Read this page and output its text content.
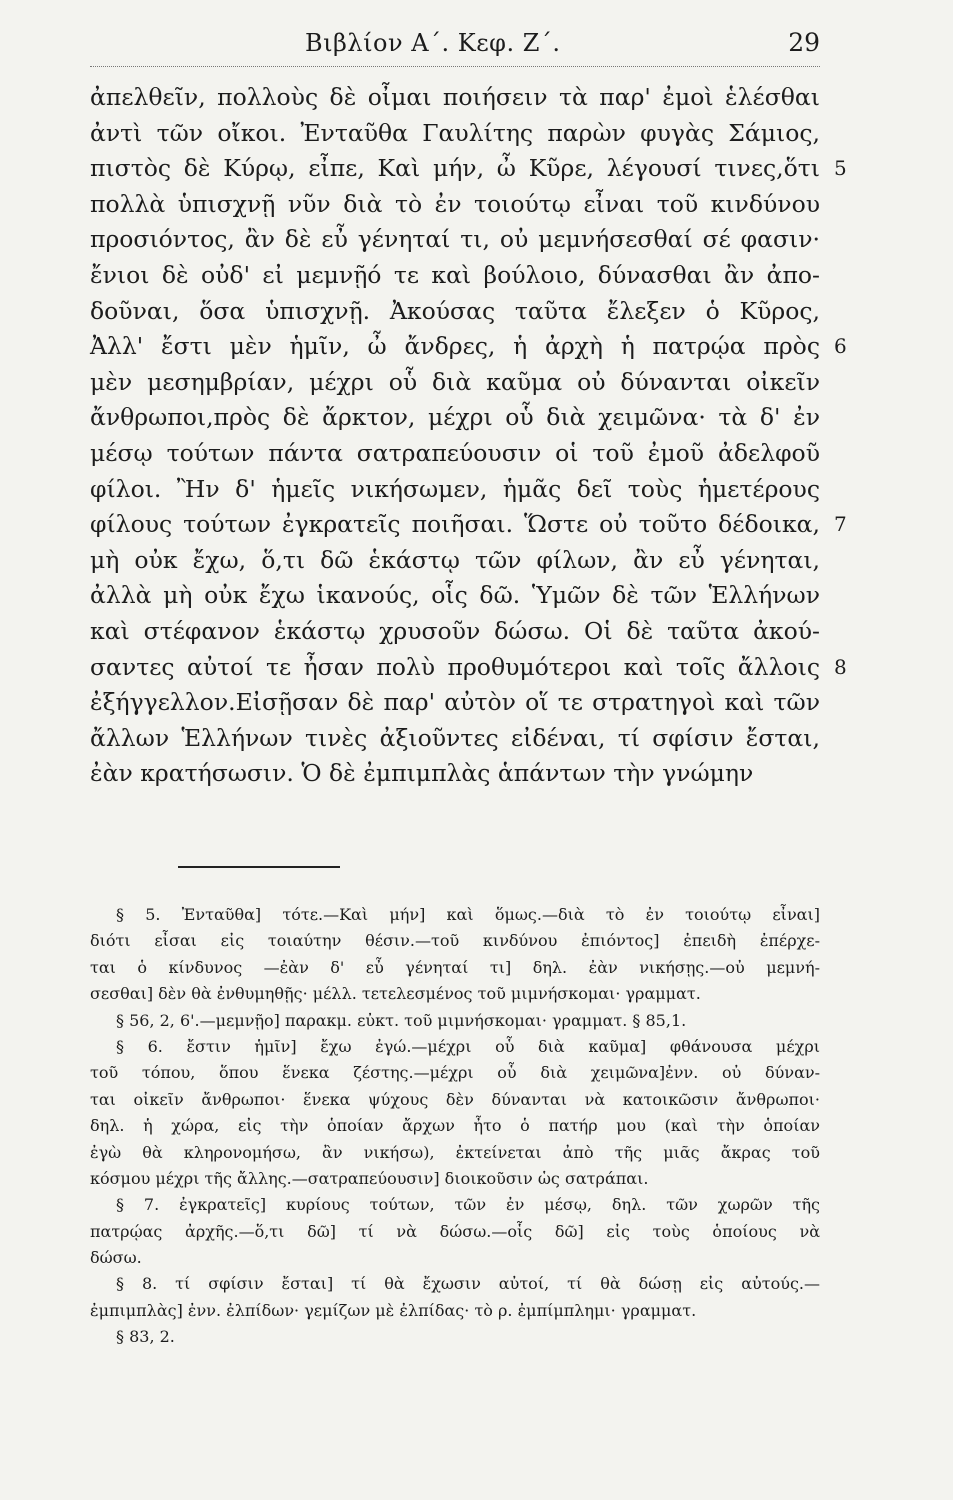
Βιβλίον Α΄. Κεφ. Ζ΄.	29
ἀπελθεῖν, πολλοὺς δὲ οἶμαι ποιήσειν τὰ παρ' ἐμοὶ ἑλέσθαι
ἀντὶ τῶν οἴκοι. Ἐνταῦθα Γαυλίτης παρὼν φυγὰς Σάμιος,
πιστὸς δὲ Κύρῳ, εἶπε, Καὶ μήν, ὦ Κῦρε, λέγουσί τινες,ὅτι
πολλὰ ὑπισχνῇ νῦν διὰ τὸ ἐν τοιούτῳ εἶναι τοῦ κινδύνου
προσιόντος, ἂν δὲ εὖ γένηταί τι, οὐ μεμνήσεσθαί σέ φασιν·
ἔνιοι δὲ οὐδ' εἰ μεμνῇό τε καὶ βούλοιο, δύνασθαι ἂν ἀπο-
δοῦναι, ὅσα ὑπισχνῇ. Ἀκούσας ταῦτα ἔλεξεν ὁ Κῦρος,
Ἀλλ' ἔστι μὲν ἡμῖν, ὦ ἄνδρες, ἡ ἀρχὴ ἡ πατρῴα πρὸς
μὲν μεσημβρίαν, μέχρι οὗ διὰ καῦμα οὐ δύνανται οἰκεῖν
ἄνθρωποι,πρὸς δὲ ἄρκτον, μέχρι οὗ διὰ χειμῶνα· τὰ δ' ἐν
μέσῳ τούτων πάντα σατραπεύουσιν οἱ τοῦ ἐμοῦ ἀδελφοῦ
φίλοι. Ἢν δ' ἡμεῖς νικήσωμεν, ἡμᾶς δεῖ τοὺς ἡμετέρους
φίλους τούτων ἐγκρατεῖς ποιῆσαι. Ὥστε οὐ τοῦτο δέδοικα,
μὴ οὐκ ἔχω, ὅ,τι δῶ ἑκάστῳ τῶν φίλων, ἂν εὖ γένηται,
ἀλλὰ μὴ οὐκ ἔχω ἱκανούς, οἷς δῶ. Ὑμῶν δὲ τῶν Ἑλλήνων
καὶ στέφανον ἑκάστῳ χρυσοῦν δώσω. Οἱ δὲ ταῦτα ἀκού-
σαντες αὐτοί τε ἦσαν πολὺ προθυμότεροι καὶ τοῖς ἄλλοις
ἐξήγγελλον.Εἰσῇσαν δὲ παρ' αὐτὸν οἵ τε στρατηγοὶ καὶ τῶν
ἄλλων Ἑλλήνων τινὲς ἀξιοῦντες εἰδέναι, τί σφίσιν ἔσται,
ἐὰν κρατήσωσιν. Ὁ δὲ ἐμπιμπλὰς ἁπάντων τὴν γνώμην
5
6
7
8
§ 5. Ἐνταῦθα] τότε.—Καὶ μήν] καὶ ὅμως.—διὰ τὸ ἐν τοιούτῳ εἶναι]
διότι εἶσαι εἰς τοιαύτην θέσιν.—τοῦ κινδύνου ἐπιόντος] ἐπειδὴ ἐπέρχε-
ται ὁ κίνδυνος —ἐὰν δ' εὖ γένηταί τι] δηλ. ἐὰν νικήσῃς.—οὐ μεμνή-
σεσθαι] δὲν θὰ ἐνθυμηθῇς· μέλλ. τετελεσμένος τοῦ μιμνήσκομαι· γραμματ.
§ 56, 2, 6'.—μεμνῇο] παρακμ. εὐκτ. τοῦ μιμνήσκομαι· γραμματ. § 85,1.
§ 6. ἔστιν ἡμῖν] ἔχω ἐγώ.—μέχρι οὗ διὰ καῦμα] φθάνουσα μέχρι
τοῦ τόπου, ὅπου ἕνεκα ζέστης.—μέχρι οὗ διὰ χειμῶνα]ἐνν. οὐ δύναν-
ται οἰκεῖν ἄνθρωποι· ἕνεκα ψύχους δὲν δύνανται νὰ κατοικῶσιν ἄνθρωποι·
δηλ. ἡ χώρα, εἰς τὴν ὁποίαν ἄρχων ἦτο ὁ πατήρ μου (καὶ τὴν ὁποίαν
ἐγὼ θὰ κληρονομήσω, ἂν νικήσω), ἐκτείνεται ἀπὸ τῆς μιᾶς ἄκρας τοῦ
κόσμου μέχρι τῆς ἄλλης.—σατραπεύουσιν] διοικοῦσιν ὡς σατράπαι.
§ 7. ἐγκρατεῖς] κυρίους τούτων, τῶν ἐν μέσῳ, δηλ. τῶν χωρῶν τῆς
πατρῴας ἀρχῆς.—ὅ,τι δῶ] τί νὰ δώσω.—οἷς δῶ] εἰς τοὺς ὁποίους νὰ
δώσω.
§ 8. τί σφίσιν ἔσται] τί θὰ ἔχωσιν αὐτοί, τί θὰ δώσῃ εἰς αὐτούς.—
ἐμπιμπλὰς] ἐνν. ἐλπίδων· γεμίζων μὲ ἐλπίδας· τὸ ρ. ἐμπίμπλημι· γραμματ.
§ 83, 2.
